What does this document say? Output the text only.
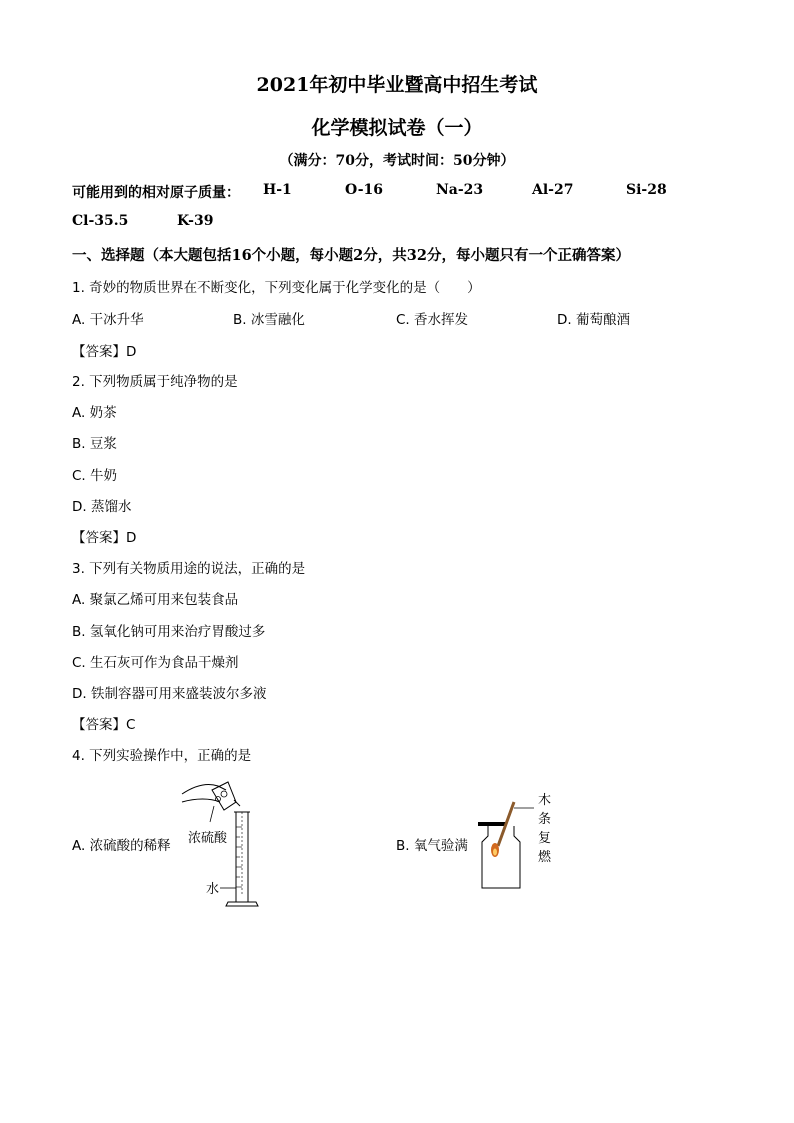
2021年初中毕业暨高中招生考试
化学模拟试卷（一）
（满分：70分，考试时间：50分钟）
可能用到的相对原子质量： H-1	O-16	Na-23	Al-27	Si-28
Cl-35.5	K-39
一、选择题（本大题包括16个小题，每小题2分，共32分，每小题只有一个正确答案）
1. 奇妙的物质世界在不断变化，下列变化属于化学变化的是（　　）
A. 干冰升华	B. 冰雪融化	C. 香水挥发	D. 葡萄酿酒
【答案】D
2. 下列物质属于纯净物的是
A. 奶茶
B. 豆浆
C. 牛奶
D. 蒸馏水
【答案】D
3. 下列有关物质用途的说法，正确的是
A. 聚氯乙烯可用来包装食品
B. 氢氧化钠可用来治疗胃酸过多
C. 生石灰可作为食品干燥剂
D. 铁制容器可用来盛装波尔多液
【答案】C
4. 下列实验操作中，正确的是
A. 浓硫酸的稀释 浓硫酸
水
B. 氧气验满
木
条
复
燃
